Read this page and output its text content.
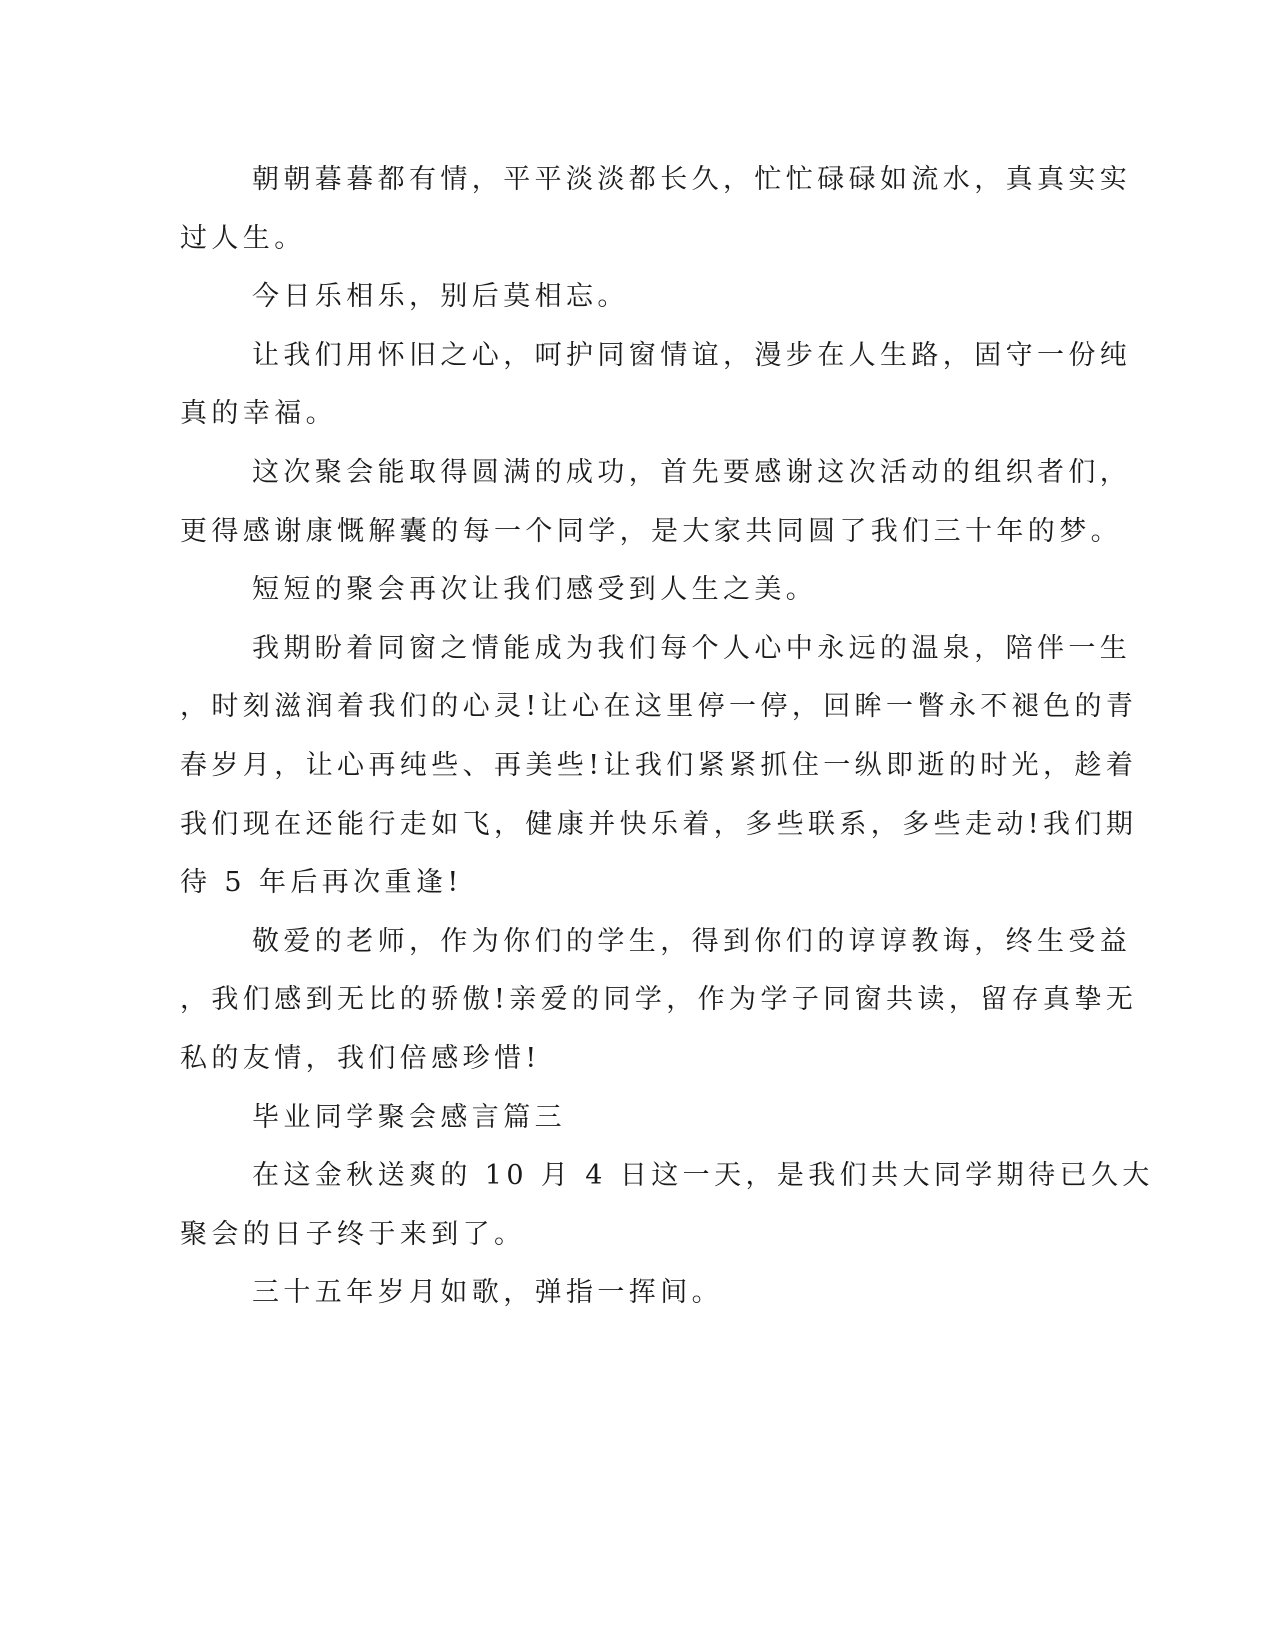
朝朝暮暮都有情，平平淡淡都长久，忙忙碌碌如流水，真真实实
过人生。
今日乐相乐，别后莫相忘。
让我们用怀旧之心，呵护同窗情谊，漫步在人生路，固守一份纯
真的幸福。
这次聚会能取得圆满的成功，首先要感谢这次活动的组织者们，
更得感谢康慨解囊的每一个同学，是大家共同圆了我们三十年的梦。
短短的聚会再次让我们感受到人生之美。
我期盼着同窗之情能成为我们每个人心中永远的温泉，陪伴一生
，时刻滋润着我们的心灵!让心在这里停一停，回眸一瞥永不褪色的青
春岁月，让心再纯些、再美些!让我们紧紧抓住一纵即逝的时光，趁着
我们现在还能行走如飞，健康并快乐着，多些联系，多些走动!我们期
待 5 年后再次重逢!
敬爱的老师，作为你们的学生，得到你们的谆谆教诲，终生受益
，我们感到无比的骄傲!亲爱的同学，作为学子同窗共读，留存真挚无
私的友情，我们倍感珍惜!
毕业同学聚会感言篇三
在这金秋送爽的 10 月 4 日这一天，是我们共大同学期待已久大
聚会的日子终于来到了。
三十五年岁月如歌，弹指一挥间。
